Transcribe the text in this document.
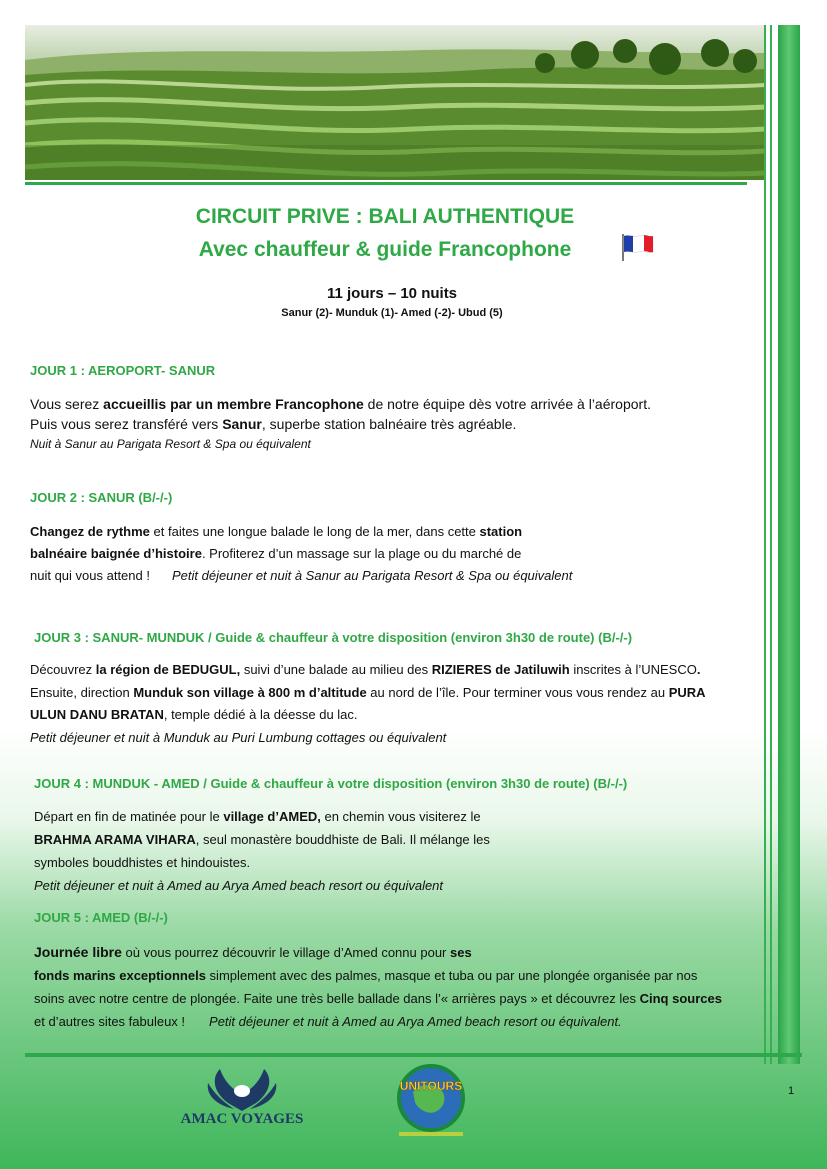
CIRCUIT PRIVE : BALI AUTHENTIQUE
Avec chauffeur & guide Francophone
11 jours – 10 nuits
Sanur (2)- Munduk (1)- Amed (-2)- Ubud (5)
JOUR 1 : AEROPORT- SANUR
Vous serez accueillis par un membre Francophone de notre équipe dès votre arrivée à l’aéroport.
Puis vous serez transféré vers Sanur, superbe station balnéaire très agréable.
Nuit à Sanur au Parigata Resort & Spa ou équivalent
JOUR 2 : SANUR (B/-/-)
Changez de rythme et faites une longue balade le long de la mer, dans cette station
balnéaire baignée d’histoire. Profiterez d’un massage sur la plage ou du marché de
nuit qui vous attend ! Petit déjeuner et nuit à Sanur au Parigata Resort & Spa ou équivalent
JOUR 3 : SANUR- MUNDUK / Guide & chauffeur à votre disposition (environ 3h30 de route) (B/-/-)
Découvrez la région de BEDUGUL, suivi d’une balade au milieu des RIZIERES de Jatiluwih inscrites à l’UNESCO.
Ensuite, direction Munduk son village à 800 m d’altitude au nord de l’île. Pour terminer vous vous rendez au PURA
ULUN DANU BRATAN, temple dédié à la déesse du lac.
Petit déjeuner et nuit à Munduk au Puri Lumbung cottages ou équivalent
JOUR 4 : MUNDUK - AMED / Guide & chauffeur à votre disposition (environ 3h30 de route) (B/-/-)
Départ en fin de matinée pour le village d’AMED, en chemin vous visiterez le
BRAHMA ARAMA VIHARA, seul monastère bouddhiste de Bali. Il mélange les
symboles bouddhistes et hindouistes.
Petit déjeuner et nuit à Amed au Arya Amed beach resort ou équivalent
JOUR 5 : AMED (B/-/-)
Journée libre où vous pourrez découvrir le village d’Amed connu pour ses
fonds marins exceptionnels simplement avec des palmes, masque et tuba ou par une plongée organisée par nos
soins avec notre centre de plongée. Faite une très belle ballade dans l’« arrières pays » et découvrez les Cinq sources
et d’autres sites fabuleux ! Petit déjeuner et nuit à Amed au Arya Amed beach resort ou équivalent.
AMAC VOYAGES
UNITOURS	1
